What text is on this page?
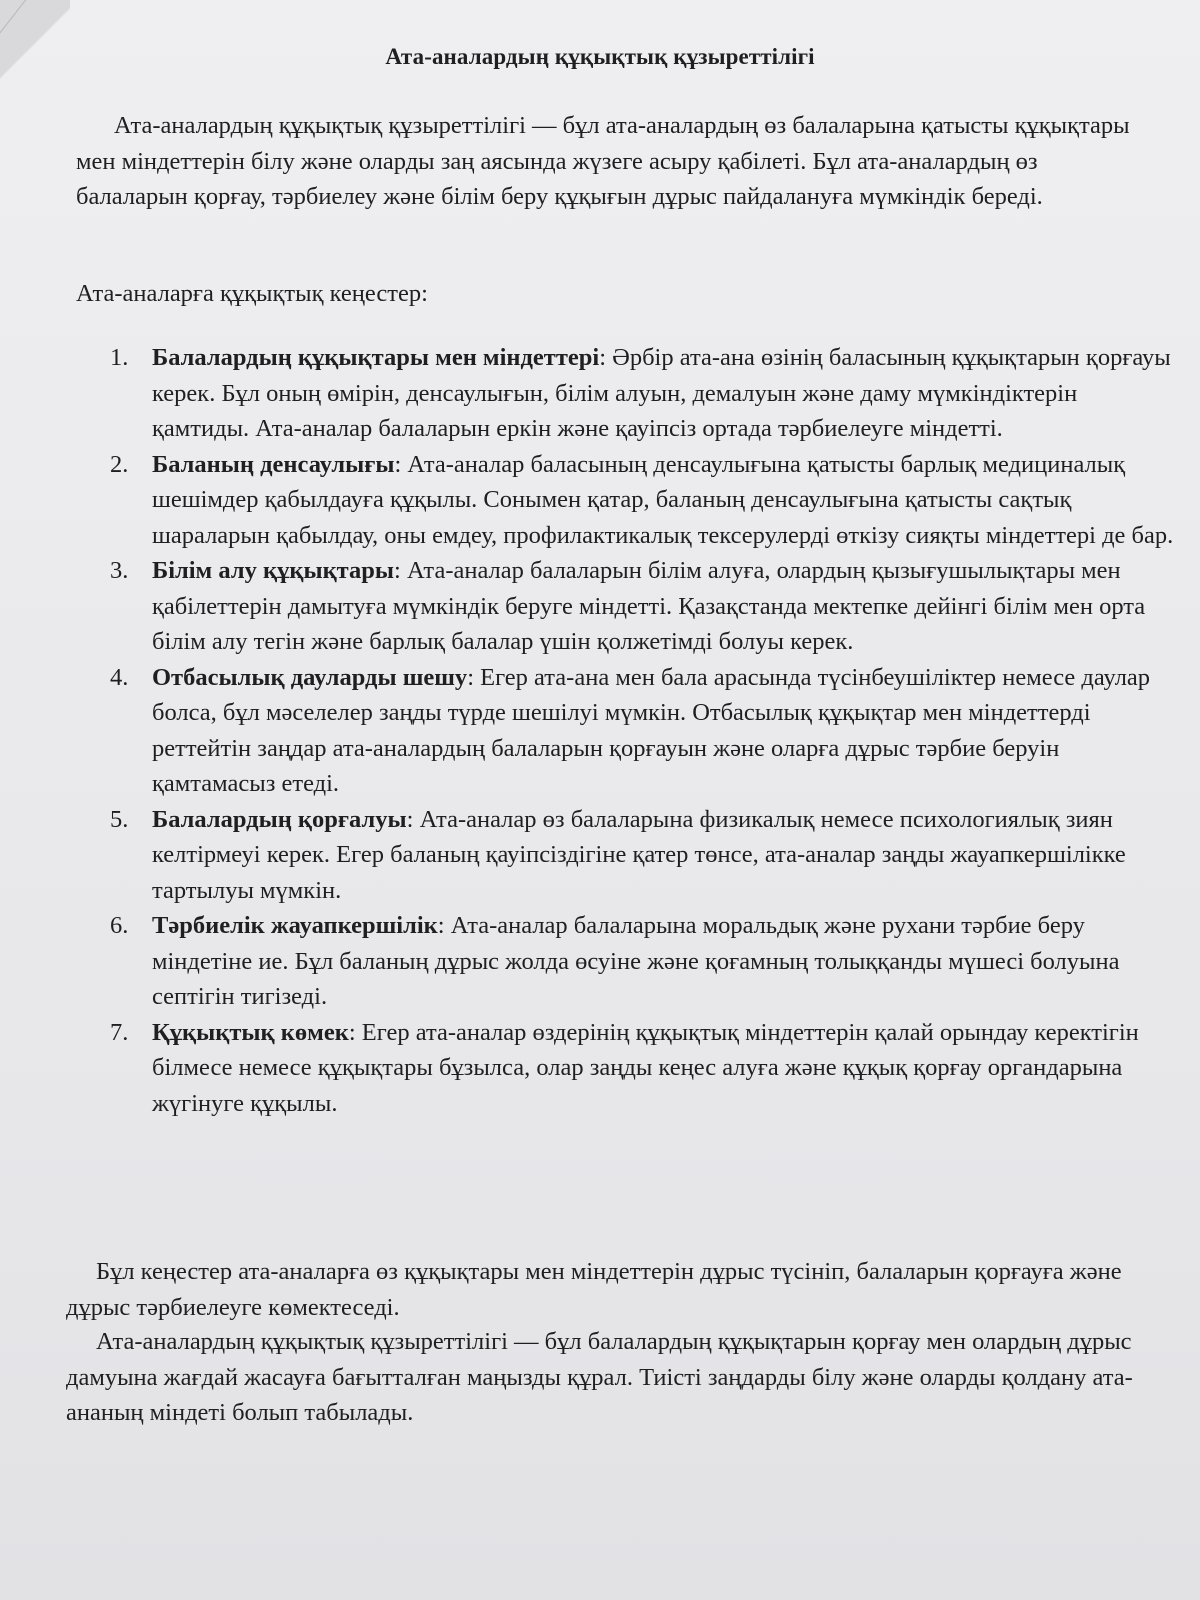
Ата-аналардың құқықтық құзыреттілігі

Ата-аналардың құқықтық құзыреттілігі — бұл ата-аналардың өз балаларына қатысты құқықтары мен міндеттерін білу және оларды заң аясында жүзеге асыру қабілеті. Бұл ата-аналардың өз балаларын қорғау, тәрбиелеу және білім беру құқығын дұрыс пайдалануға мүмкіндік береді.

Ата-аналарға құқықтық кеңестер:

1. Балалардың құқықтары мен міндеттері: Әрбір ата-ана өзінің баласының құқықтарын қорғауы керек. Бұл оның өмірін, денсаулығын, білім алуын, демалуын және даму мүмкіндіктерін қамтиды. Ата-аналар балаларын еркін және қауіпсіз ортада тәрбиелеуге міндетті.
2. Баланың денсаулығы: Ата-аналар баласының денсаулығына қатысты барлық медициналық шешімдер қабылдауға құқылы. Сонымен қатар, баланың денсаулығына қатысты сақтық шараларын қабылдау, оны емдеу, профилактикалық тексерулерді өткізу сияқты міндеттері де бар.
3. Білім алу құқықтары: Ата-аналар балаларын білім алуға, олардың қызығушылықтары мен қабілеттерін дамытуға мүмкіндік беруге міндетті. Қазақстанда мектепке дейінгі білім мен орта білім алу тегін және барлық балалар үшін қолжетімді болуы керек.
4. Отбасылық дауларды шешу: Егер ата-ана мен бала арасында түсінбеушіліктер немесе даулар болса, бұл мәселелер заңды түрде шешілуі мүмкін. Отбасылық құқықтар мен міндеттерді реттейтін заңдар ата-аналардың балаларын қорғауын және оларға дұрыс тәрбие беруін қамтамасыз етеді.
5. Балалардың қорғалуы: Ата-аналар өз балаларына физикалық немесе психологиялық зиян келтірмеуі керек. Егер баланың қауіпсіздігіне қатер төнсе, ата-аналар заңды жауапкершілікке тартылуы мүмкін.
6. Тәрбиелік жауапкершілік: Ата-аналар балаларына моральдық және рухани тәрбие беру міндетіне ие. Бұл баланың дұрыс жолда өсуіне және қоғамның толыққанды мүшесі болуына септігін тигізеді.
7. Құқықтық көмек: Егер ата-аналар өздерінің құқықтық міндеттерін қалай орындау керектігін білмесе немесе құқықтары бұзылса, олар заңды кеңес алуға және құқық қорғау органдарына жүгінуге құқылы.

Бұл кеңестер ата-аналарға өз құқықтары мен міндеттерін дұрыс түсініп, балаларын қорғауға және дұрыс тәрбиелеуге көмектеседі.

Ата-аналардың құқықтық құзыреттілігі — бұл балалардың құқықтарын қорғау мен олардың дұрыс дамуына жағдай жасауға бағытталған маңызды құрал. Тиісті заңдарды білу және оларды қолдану ата-ананың міндеті болып табылады.
